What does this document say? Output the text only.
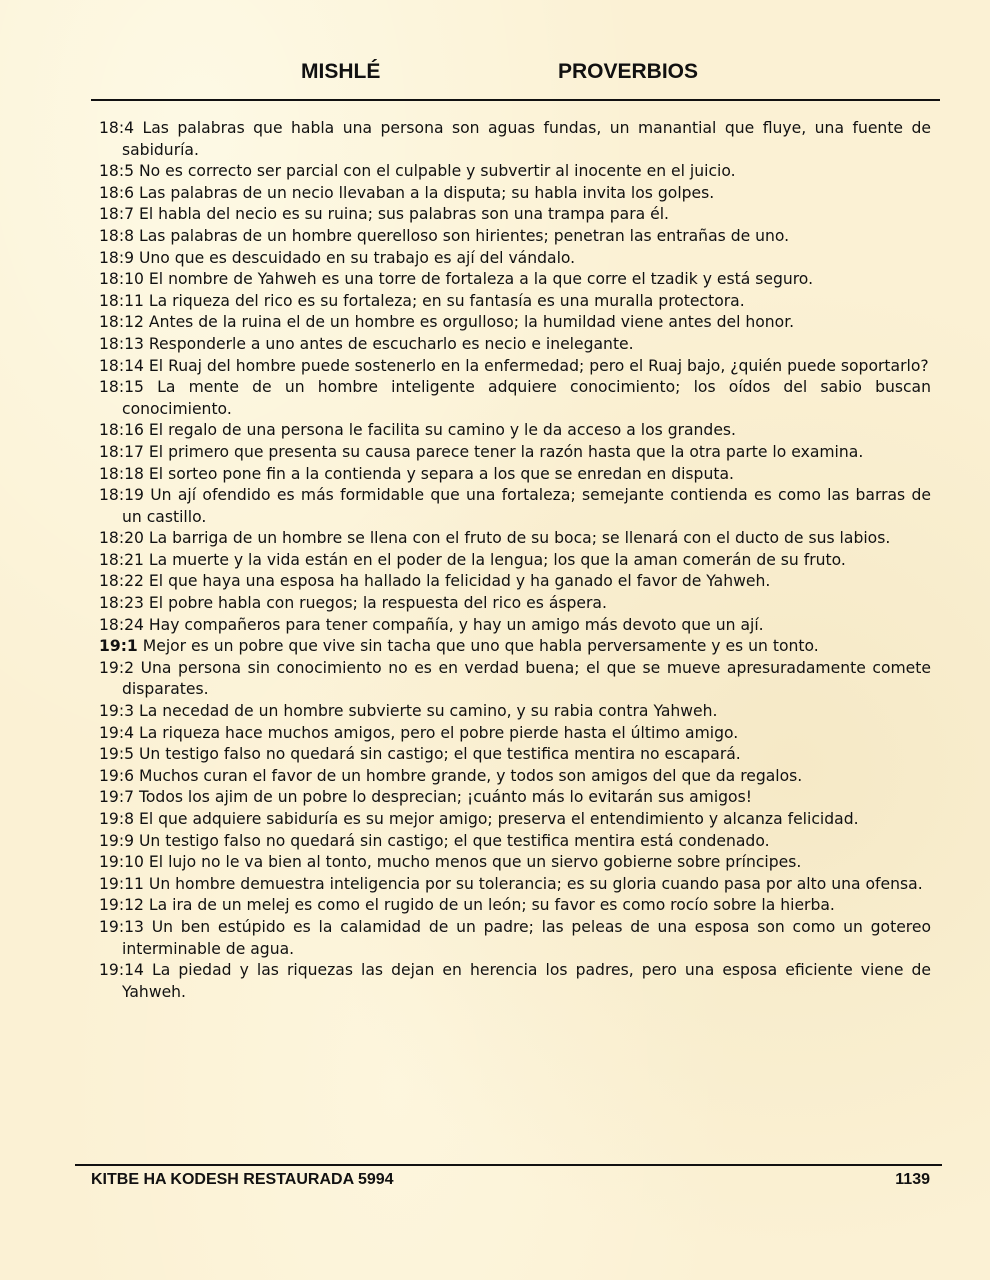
MISHLÉ	PROVERBIOS

18:4 Las palabras que habla una persona son aguas fundas, un manantial que fluye, una fuente de sabiduría.

18:5 No es correcto ser parcial con el culpable y subvertir al inocente en el juicio.

18:6 Las palabras de un necio llevaban a la disputa; su habla invita los golpes.

18:7 El habla del necio es su ruina; sus palabras son una trampa para él.

18:8 Las palabras de un hombre querelloso son hirientes; penetran las entrañas de uno.

18:9 Uno que es descuidado en su trabajo es ají del vándalo.

18:10 El nombre de Yahweh es una torre de fortaleza a la que corre el tzadik y está seguro.

18:11 La riqueza del rico es su fortaleza; en su fantasía es una muralla protectora.

18:12 Antes de la ruina el de un hombre es orgulloso; la humildad viene antes del honor.

18:13 Responderle a uno antes de escucharlo es necio e inelegante.

18:14 El Ruaj del hombre puede sostenerlo en la enfermedad; pero el Ruaj bajo, ¿quién puede soportarlo?

18:15 La mente de un hombre inteligente adquiere conocimiento; los oídos del sabio buscan conocimiento.

18:16 El regalo de una persona le facilita su camino y le da acceso a los grandes.

18:17 El primero que presenta su causa parece tener la razón hasta que la otra parte lo examina.

18:18 El sorteo pone fin a la contienda y separa a los que se enredan en disputa.

18:19 Un ají ofendido es más formidable que una fortaleza; semejante contienda es como las barras de un castillo.

18:20 La barriga de un hombre se llena con el fruto de su boca; se llenará con el ducto de sus labios.

18:21 La muerte y la vida están en el poder de la lengua; los que la aman comerán de su fruto.

18:22 El que haya una esposa ha hallado la felicidad y ha ganado el favor de Yahweh.

18:23 El pobre habla con ruegos; la respuesta del rico es áspera.

18:24 Hay compañeros para tener compañía, y hay un amigo más devoto que un ají.

19:1 Mejor es un pobre que vive sin tacha que uno que habla perversamente y es un tonto.

19:2 Una persona sin conocimiento no es en verdad buena; el que se mueve apresuradamente comete disparates.

19:3 La necedad de un hombre subvierte su camino, y su rabia contra Yahweh.

19:4 La riqueza hace muchos amigos, pero el pobre pierde hasta el último amigo.

19:5 Un testigo falso no quedará sin castigo; el que testifica mentira no escapará.

19:6 Muchos curan el favor de un hombre grande, y todos son amigos del que da regalos.

19:7 Todos los ajim de un pobre lo desprecian; ¡cuánto más lo evitarán sus amigos!

19:8 El que adquiere sabiduría es su mejor amigo; preserva el entendimiento y alcanza felicidad.

19:9 Un testigo falso no quedará sin castigo; el que testifica mentira está condenado.

19:10 El lujo no le va bien al tonto, mucho menos que un siervo gobierne sobre príncipes.

19:11 Un hombre demuestra inteligencia por su tolerancia; es su gloria cuando pasa por alto una ofensa.

19:12 La ira de un melej es como el rugido de un león; su favor es como rocío sobre la hierba.

19:13 Un ben estúpido es la calamidad de un padre; las peleas de una esposa son como un gotereo interminable de agua.

19:14 La piedad y las riquezas las dejan en herencia los padres, pero una esposa eficiente viene de Yahweh.

KITBE HA KODESH RESTAURADA 5994	1139
